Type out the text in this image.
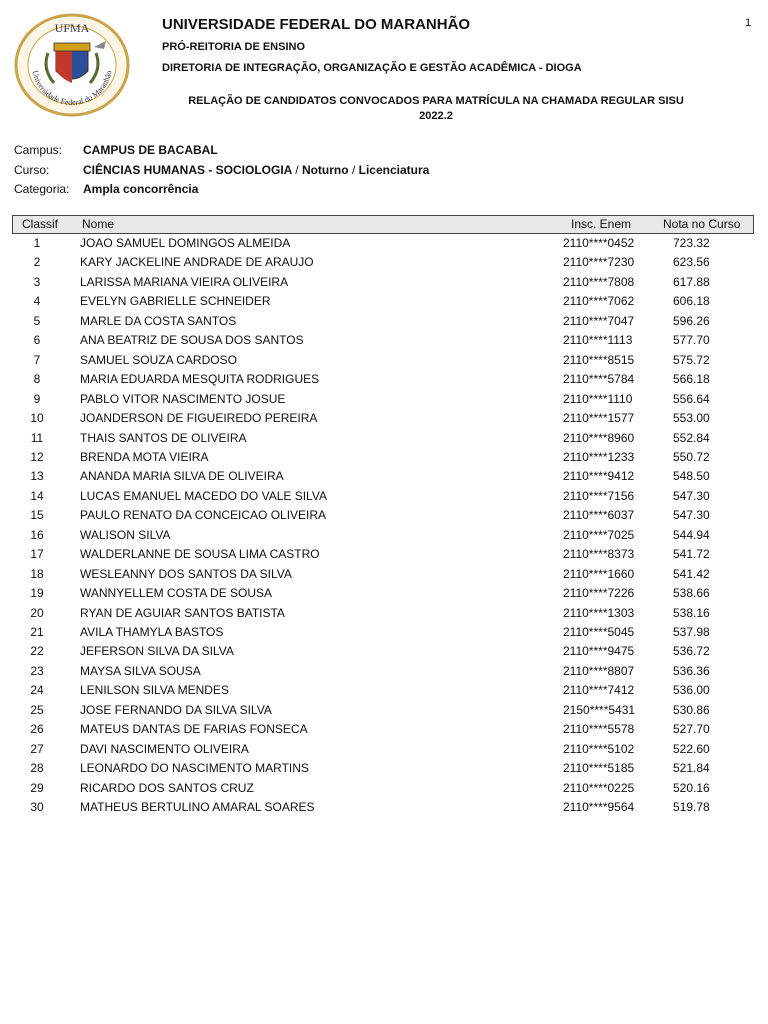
UFMA
Universidade Federal do Maranhão
UNIVERSIDADE FEDERAL DO MARANHÃO
PRÓ-REITORIA DE ENSINO
DIRETORIA DE INTEGRAÇÃO, ORGANIZAÇÃO E GESTÃO ACADÊMICA - DIOGA
1
RELAÇÃO DE CANDIDATOS CONVOCADOS PARA MATRÍCULA NA CHAMADA REGULAR SISU
2022.2
Campus: CAMPUS DE BACABAL
Curso:	CIÊNCIAS HUMANAS - SOCIOLOGIA / Noturno / Licenciatura
Categoria: Ampla concorrência
Classif	Nome	Insc. Enem	Nota no Curso
1	JOAO SAMUEL DOMINGOS ALMEIDA	2110****0452	723.32
2	KARY JACKELINE ANDRADE DE ARAUJO	2110****7230	623.56
3	LARISSA MARIANA VIEIRA OLIVEIRA	2110****7808	617.88
4	EVELYN GABRIELLE SCHNEIDER	2110****7062	606.18
5	MARLE DA COSTA SANTOS	2110****7047	596.26
6	ANA BEATRIZ DE SOUSA DOS SANTOS	2110****1113	577.70
7	SAMUEL SOUZA CARDOSO	2110****8515	575.72
8	MARIA EDUARDA MESQUITA RODRIGUES	2110****5784	566.18
9	PABLO VITOR NASCIMENTO JOSUE	2110****1110	556.64
10	JOANDERSON DE FIGUEIREDO PEREIRA	2110****1577	553.00
11	THAIS SANTOS DE OLIVEIRA	2110****8960	552.84
12	BRENDA MOTA VIEIRA	2110****1233	550.72
13	ANANDA MARIA SILVA DE OLIVEIRA	2110****9412	548.50
14	LUCAS EMANUEL MACEDO DO VALE SILVA	2110****7156	547.30
15	PAULO RENATO DA CONCEICAO OLIVEIRA	2110****6037	547.30
16	WALISON SILVA	2110****7025	544.94
17	WALDERLANNE DE SOUSA LIMA CASTRO	2110****8373	541.72
18	WESLEANNY DOS SANTOS DA SILVA	2110****1660	541.42
19	WANNYELLEM COSTA DE SOUSA	2110****7226	538.66
20	RYAN DE AGUIAR SANTOS BATISTA	2110****1303	538.16
21	AVILA THAMYLA BASTOS	2110****5045	537.98
22	JEFERSON SILVA DA SILVA	2110****9475	536.72
23	MAYSA SILVA SOUSA	2110****8807	536.36
24	LENILSON SILVA MENDES	2110****7412	536.00
25	JOSE FERNANDO DA SILVA SILVA	2150****5431	530.86
26	MATEUS DANTAS DE FARIAS FONSECA	2110****5578	527.70
27	DAVI NASCIMENTO OLIVEIRA	2110****5102	522.60
28	LEONARDO DO NASCIMENTO MARTINS	2110****5185	521.84
29	RICARDO DOS SANTOS CRUZ	2110****0225	520.16
30	MATHEUS BERTULINO AMARAL SOARES	2110****9564	519.78
